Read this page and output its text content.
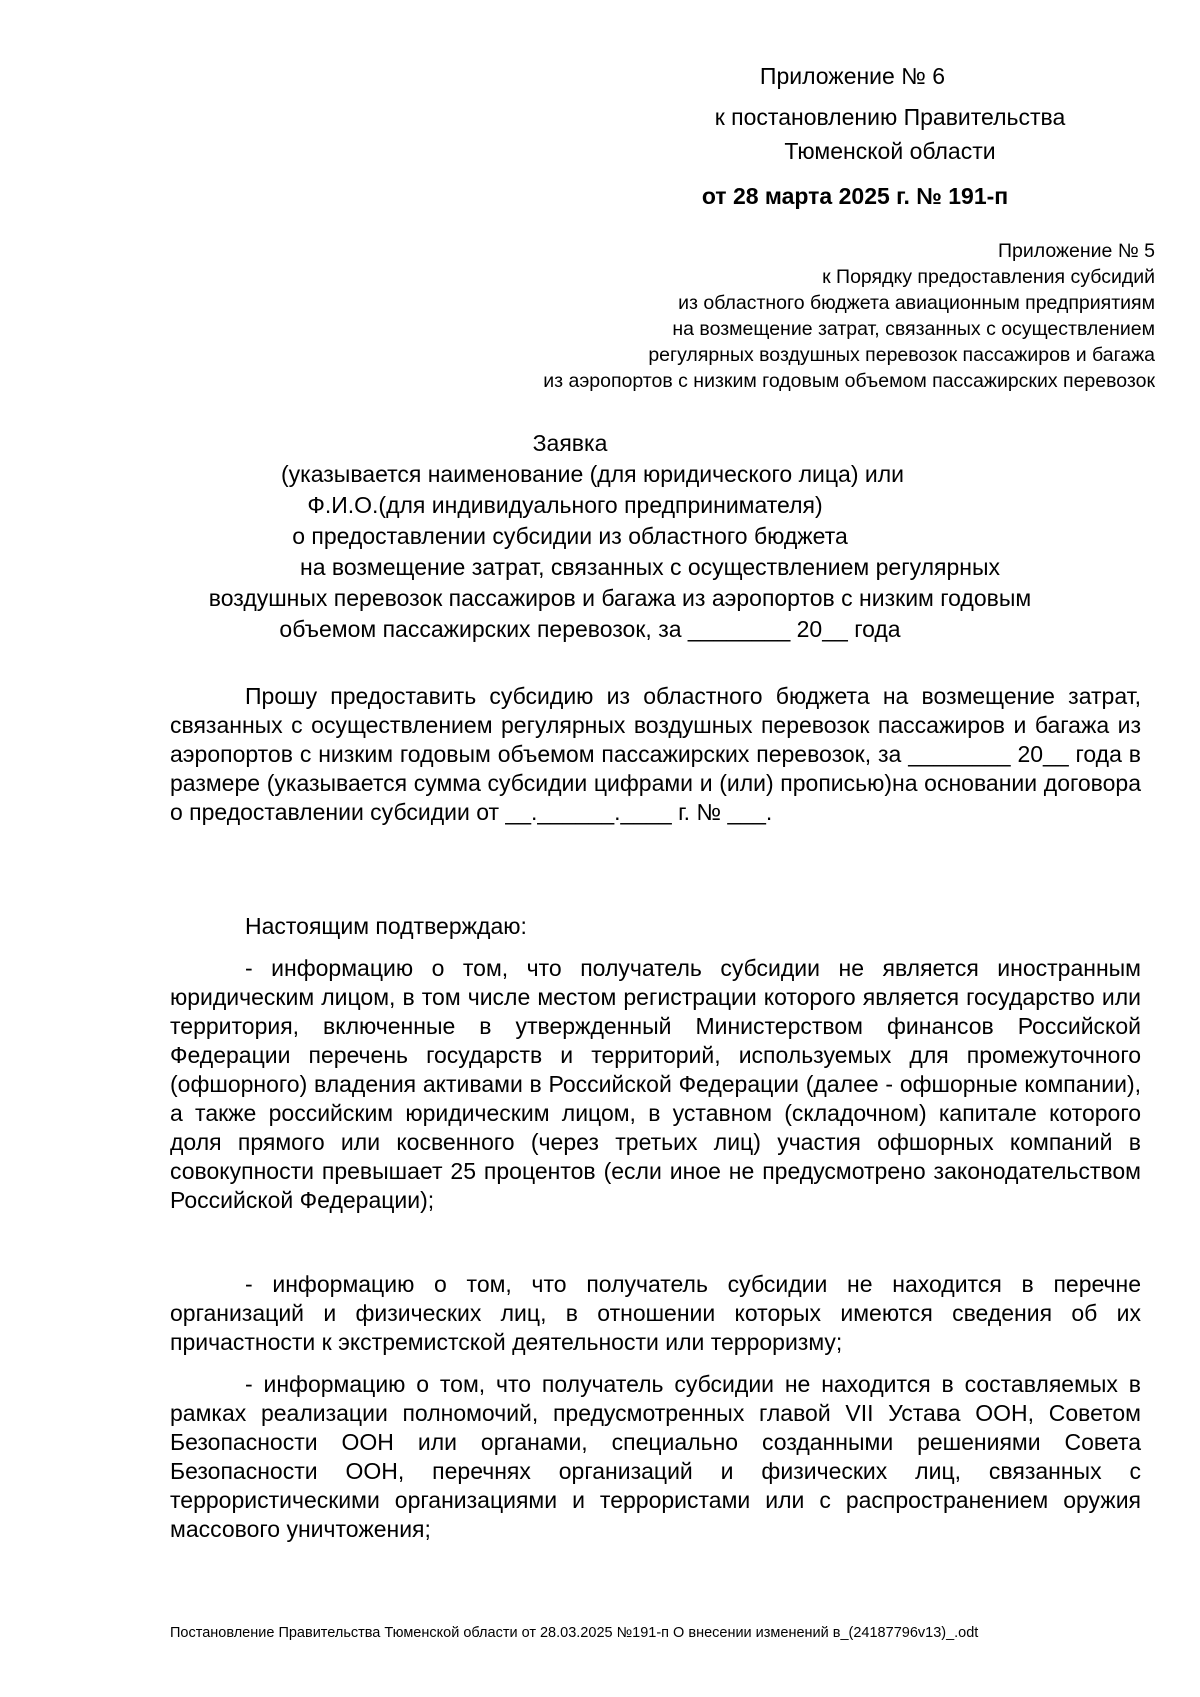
Приложение № 6
к постановлению Правительства
Тюменской области
от 28 марта 2025 г. № 191-п
Приложение № 5
к Порядку предоставления субсидий
из областного бюджета авиационным предприятиям
на возмещение затрат, связанных с осуществлением
регулярных воздушных перевозок пассажиров и багажа
из аэропортов с низким годовым объемом пассажирских перевозок
Заявка
(указывается наименование (для юридического лица) или
Ф.И.О.(для индивидуального предпринимателя)
о предоставлении субсидии из областного бюджета
на возмещение затрат, связанных с осуществлением регулярных
воздушных перевозок пассажиров и багажа из аэропортов с низким годовым
объемом пассажирских перевозок, за ________ 20__ года
Прошу предоставить субсидию из областного бюджета на возмещение затрат, связанных с осуществлением регулярных воздушных перевозок пассажиров и багажа из аэропортов с низким годовым объемом пассажирских перевозок, за ________ 20__ года в размере (указывается сумма субсидии цифрами и (или) прописью)на основании договора о предоставлении субсидии от __.______.____ г. № ___.
Настоящим подтверждаю:
- информацию о том, что получатель субсидии не является иностранным юридическим лицом, в том числе местом регистрации которого является государство или территория, включенные в утвержденный Министерством финансов Российской Федерации перечень государств и территорий, используемых для промежуточного (офшорного) владения активами в Российской Федерации (далее - офшорные компании), а также российским юридическим лицом, в уставном (складочном) капитале которого доля прямого или косвенного (через третьих лиц) участия офшорных компаний в совокупности превышает 25 процентов (если иное не предусмотрено законодательством Российской Федерации);
- информацию о том, что получатель субсидии не находится в перечне организаций и физических лиц, в отношении которых имеются сведения об их причастности к экстремистской деятельности или терроризму;
- информацию о том, что получатель субсидии не находится в составляемых в рамках реализации полномочий, предусмотренных главой VII Устава ООН, Советом Безопасности ООН или органами, специально созданными решениями Совета Безопасности ООН, перечнях организаций и физических лиц, связанных с террористическими организациями и террористами или с распространением оружия массового уничтожения;
Постановление Правительства Тюменской области от 28.03.2025 №191-п О внесении изменений в_(24187796v13)_.odt
